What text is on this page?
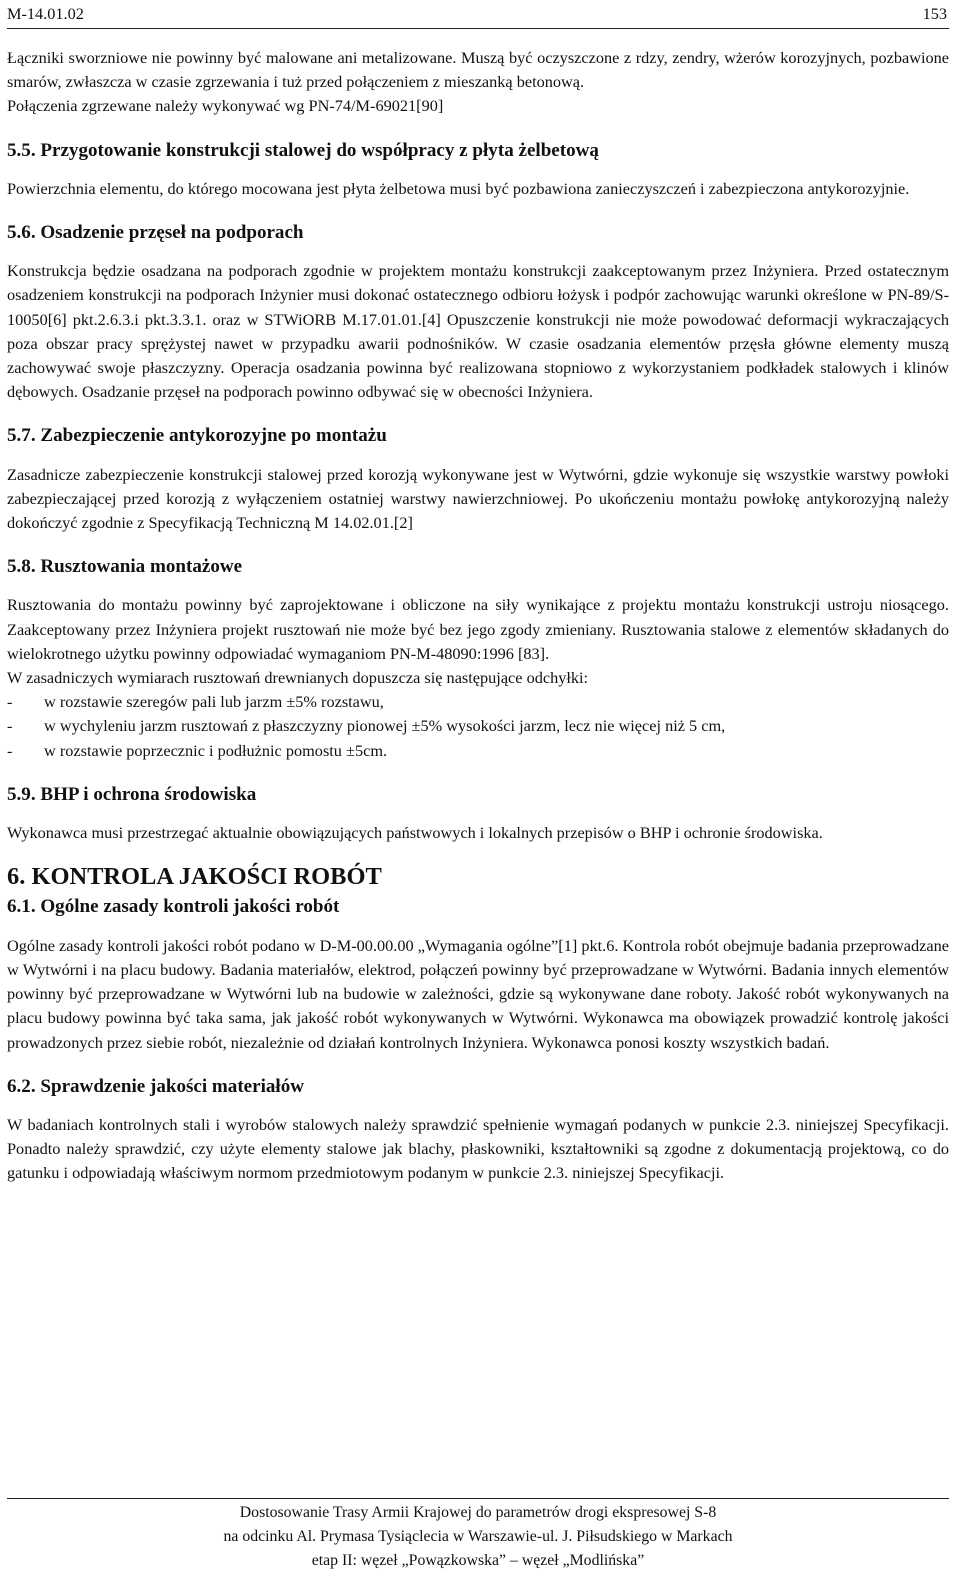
M-14.01.02	153

Łączniki sworzniowe nie powinny być malowane ani metalizowane. Muszą być oczyszczone z rdzy, zendry, wżerów korozyjnych, pozbawione smarów, zwłaszcza w czasie zgrzewania i tuż przed połączeniem z mieszanką betonową.

Połączenia zgrzewane należy wykonywać wg PN-74/M-69021[90]

5.5. Przygotowanie konstrukcji stalowej do współpracy z płyta żelbetową

Powierzchnia elementu, do którego mocowana jest płyta żelbetowa musi być pozbawiona zanieczyszczeń i zabezpieczona antykorozyjnie.

5.6. Osadzenie przęseł na podporach

Konstrukcja będzie osadzana na podporach zgodnie w projektem montażu konstrukcji zaakceptowanym przez Inżyniera. Przed ostatecznym osadzeniem konstrukcji na podporach Inżynier musi dokonać ostatecznego odbioru łożysk i podpór zachowując warunki określone w PN-89/S-10050[6] pkt.2.6.3.i pkt.3.3.1. oraz w STWiORB M.17.01.01.[4] Opuszczenie konstrukcji nie może powodować deformacji wykraczających poza obszar pracy sprężystej nawet w przypadku awarii podnośników. W czasie osadzania elementów przęsła główne elementy muszą zachowywać swoje płaszczyzny. Operacja osadzania powinna być realizowana stopniowo z wykorzystaniem podkładek stalowych i klinów dębowych. Osadzanie przęseł na podporach powinno odbywać się w obecności Inżyniera.

5.7. Zabezpieczenie antykorozyjne po montażu

Zasadnicze zabezpieczenie konstrukcji stalowej przed korozją wykonywane jest w Wytwórni, gdzie wykonuje się wszystkie warstwy powłoki zabezpieczającej przed korozją z wyłączeniem ostatniej warstwy nawierzchniowej. Po ukończeniu montażu powłokę antykorozyjną należy dokończyć zgodnie z Specyfikacją Techniczną M 14.02.01.[2]

5.8. Rusztowania montażowe

Rusztowania do montażu powinny być zaprojektowane i obliczone na siły wynikające z projektu montażu konstrukcji ustroju niosącego. Zaakceptowany przez Inżyniera projekt rusztowań nie może być bez jego zgody zmieniany. Rusztowania stalowe z elementów składanych do wielokrotnego użytku powinny odpowiadać wymaganiom PN-M-48090:1996 [83].

W zasadniczych wymiarach rusztowań drewnianych dopuszcza się następujące odchyłki:

-	w rozstawie szeregów pali lub jarzm ±5% rozstawu,
-	w wychyleniu jarzm rusztowań z płaszczyzny pionowej ±5% wysokości jarzm, lecz nie więcej niż 5 cm,
-	w rozstawie poprzecznic i podłużnic pomostu ±5cm.
5.9. BHP i ochrona środowiska

Wykonawca musi przestrzegać aktualnie obowiązujących państwowych i lokalnych przepisów o BHP i ochronie środowiska.

6. KONTROLA JAKOŚCI ROBÓT
6.1. Ogólne zasady kontroli jakości robót

Ogólne zasady kontroli jakości robót podano w D-M-00.00.00 „Wymagania ogólne”[1] pkt.6. Kontrola robót obejmuje badania przeprowadzane w Wytwórni i na placu budowy. Badania materiałów, elektrod, połączeń powinny być przeprowadzane w Wytwórni. Badania innych elementów powinny być przeprowadzane w Wytwórni lub na budowie w zależności, gdzie są wykonywane dane roboty. Jakość robót wykonywanych na placu budowy powinna być taka sama, jak jakość robót wykonywanych w Wytwórni. Wykonawca ma obowiązek prowadzić kontrolę jakości prowadzonych przez siebie robót, niezależnie od działań kontrolnych Inżyniera. Wykonawca ponosi koszty wszystkich badań.

6.2. Sprawdzenie jakości materiałów

W badaniach kontrolnych stali i wyrobów stalowych należy sprawdzić spełnienie wymagań podanych w punkcie 2.3. niniejszej Specyfikacji. Ponadto należy sprawdzić, czy użyte elementy stalowe jak blachy, płaskowniki, kształtowniki są zgodne z dokumentacją projektową, co do gatunku i odpowiadają właściwym normom przedmiotowym podanym w punkcie 2.3. niniejszej Specyfikacji.

Dostosowanie Trasy Armii Krajowej do parametrów drogi ekspresowej S-8
na odcinku Al. Prymasa Tysiąclecia w Warszawie-ul. J. Piłsudskiego w Markach
etap II: węzeł „Powązkowska” – węzeł „Modlińska”
